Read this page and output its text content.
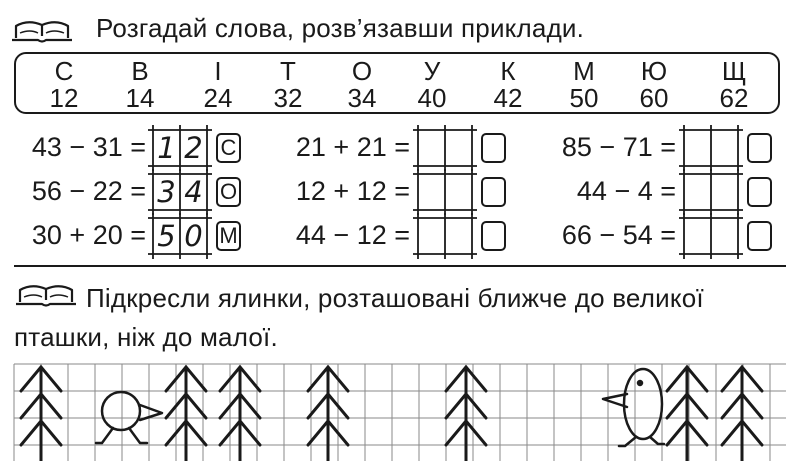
Розгадай слова, розв’язавши приклади.
С
12
В
14
І
24
Т
32
О
34
У
40
К
42
М
50
Ю
60
Щ
62
43 − 31 = 1 2 С
56 − 22 = 3 4 О
30 + 20 = 5 0 М
21 + 21 =
12 + 12 =
44 − 12 =
85 − 71 =
44 − 4 =
66 − 54 =
Підкресли ялинки, розташовані ближче до великої
пташки, ніж до малої.
